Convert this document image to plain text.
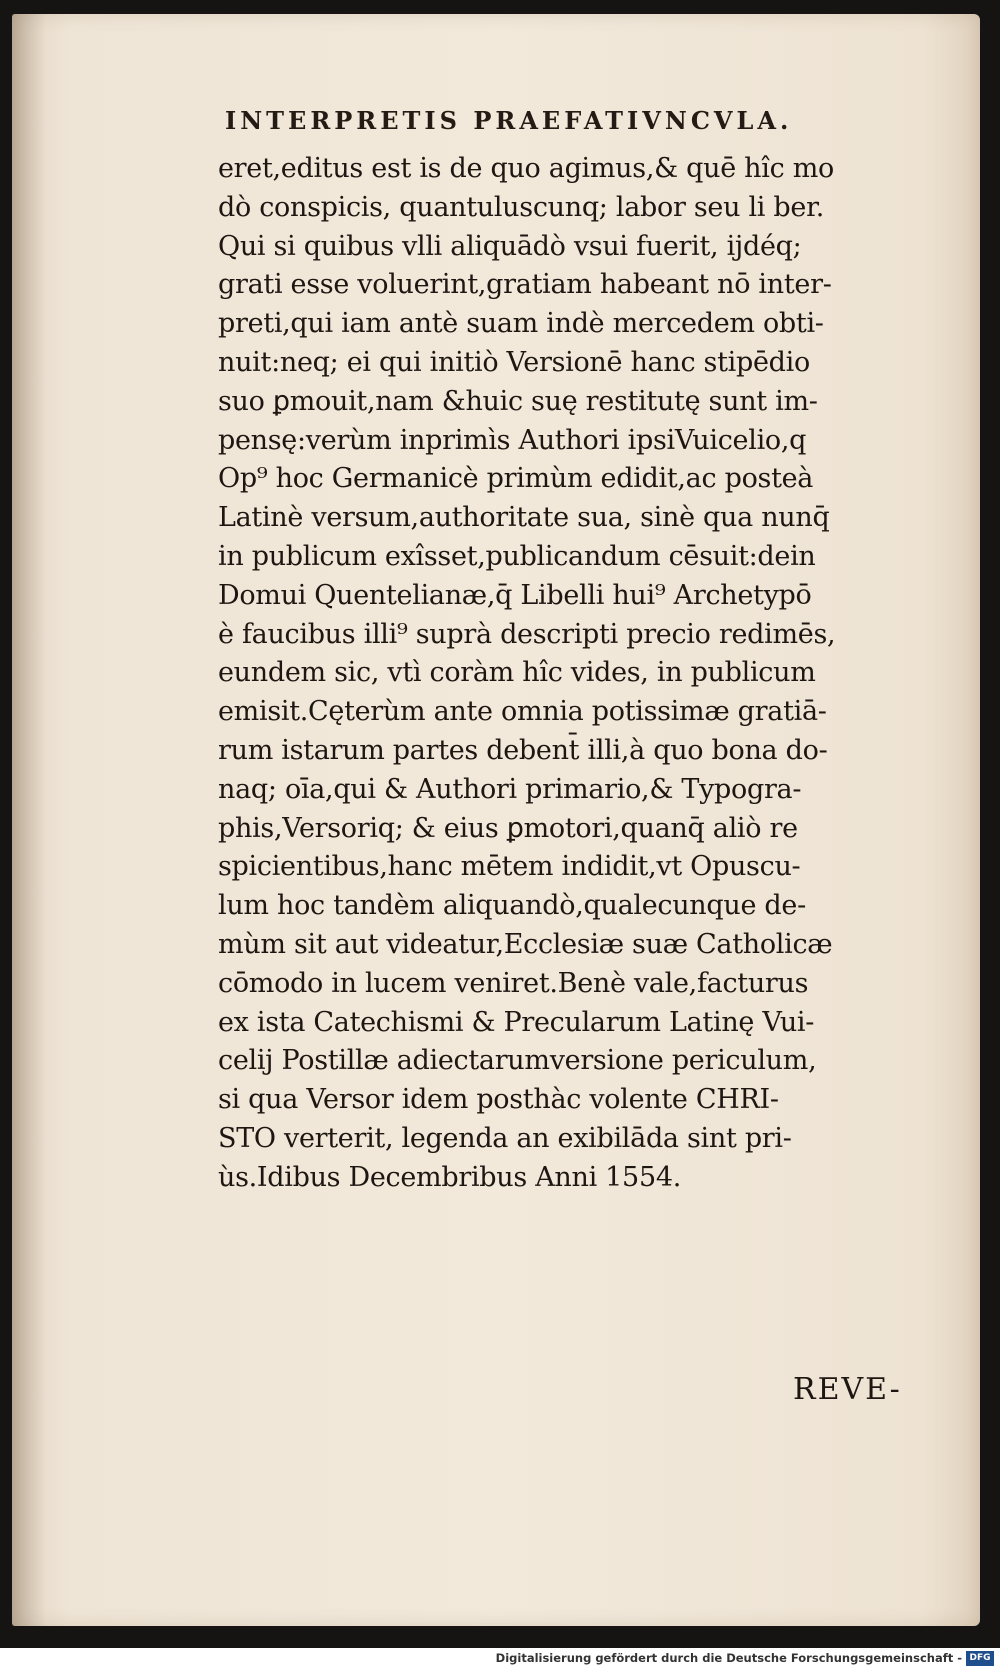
INTERPRETIS PRAEFATIVNCVLA.
eret,editus est is de quo agimus,& quē hîc mo
dò conspicis, quantuluscunq; labor seu li ber.
Qui si quibus vlli aliquādò vsui fuerit, ijdéq;
grati esse voluerint,gratiam habeant nō inter-
preti,qui iam antè suam indè mercedem obti-
nuit:neq; ei qui initiò Versionē hanc stipēdio
suo ꝑmouit,nam &huic suę restitutę sunt im-
pensę:verùm inprimìs Authori ipsiVuicelio,q
Op⁹ hoc Germanicè primùm edidit,ac posteà
Latinè versum,authoritate sua, sinè qua nunq̄
in publicum exîsset,publicandum cēsuit:dein
Domui Quentelianæ,q̄ Libelli hui⁹ Archetypō
è faucibus illi⁹ suprà descripti precio redimēs,
eundem sic, vtì coràm hîc vides, in publicum
emisit.Cęterùm ante omnia potissimæ gratiā-
rum istarum partes debent̄ illi,à quo bona do-
naq; oīa,qui & Authori primario,& Typogra-
phis,Versoriq; & eius ꝑmotori,quanq̄ aliò re
spicientibus,hanc mētem indidit,vt Opuscu-
lum hoc tandèm aliquandò,qualecunque de-
mùm sit aut videatur,Ecclesiæ suæ Catholicæ
cōmodo in lucem veniret.Benè vale,facturus
ex ista Catechismi & Precularum Latinę Vui-
celij Postillæ adiectarumversione periculum,
si qua Versor idem posthàc volente CHRI-
STO verterit, legenda an exibilāda sint pri-
ùs.Idibus Decembribus Anni 1554.
REVE-
Digitalisierung gefördert durch die Deutsche Forschungsgemeinschaft - DFG
